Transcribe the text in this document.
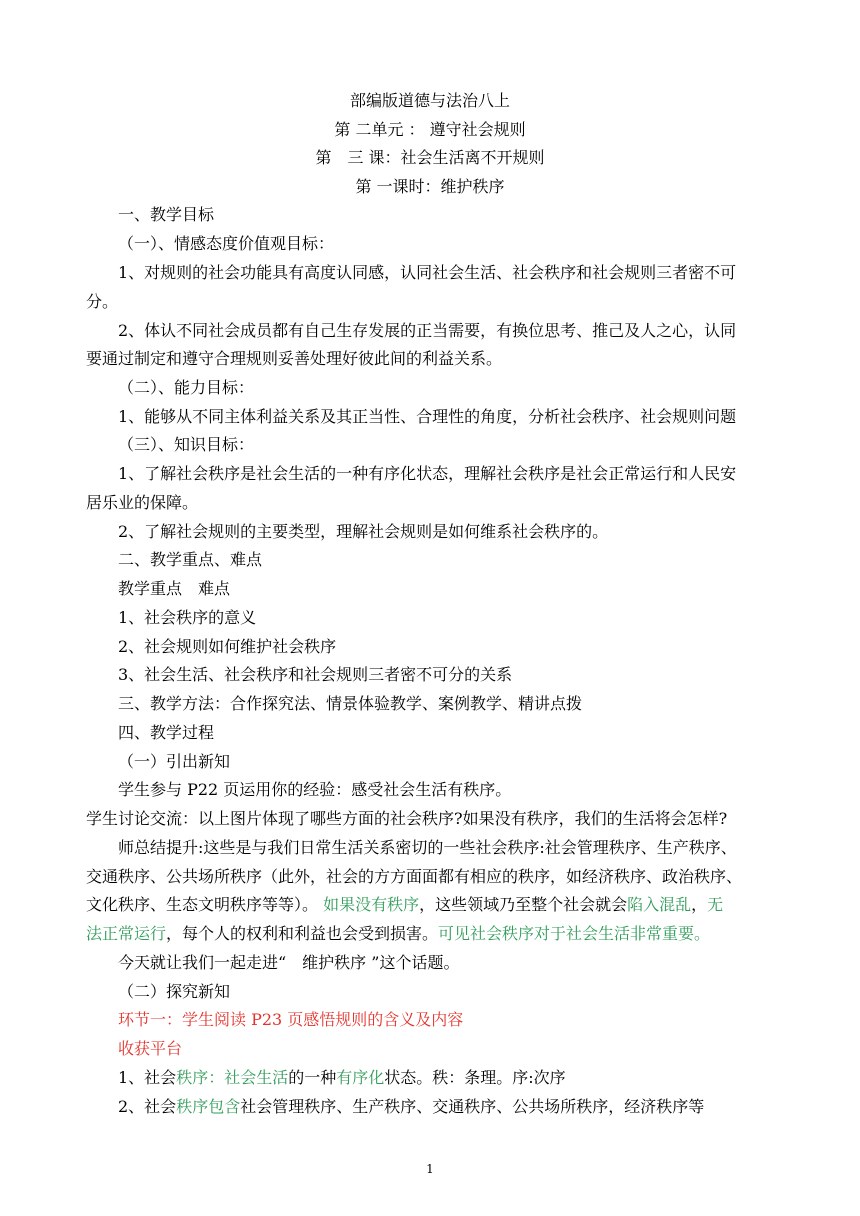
部编版道德与法治八上
第 二单元 ： 遵守社会规则
第　三 课：社会生活离不开规则
第 一课时：维护秩序
一、教学目标
（一）、情感态度价值观目标：
1、对规则的社会功能具有高度认同感，认同社会生活、社会秩序和社会规则三者密不可
分。
2、体认不同社会成员都有自己生存发展的正当需要，有换位思考、推己及人之心，认同
要通过制定和遵守合理规则妥善处理好彼此间的利益关系。
（二）、能力目标：
1、能够从不同主体利益关系及其正当性、合理性的角度，分析社会秩序、社会规则问题
（三）、知识目标：
1、了解社会秩序是社会生活的一种有序化状态，理解社会秩序是社会正常运行和人民安
居乐业的保障。
2、了解社会规则的主要类型，理解社会规则是如何维系社会秩序的。
二、教学重点、难点
教学重点　难点
1、社会秩序的意义
2、社会规则如何维护社会秩序
3、社会生活、社会秩序和社会规则三者密不可分的关系
三、教学方法：合作探究法、情景体验教学、案例教学、精讲点拨
四、教学过程
（一）引出新知
学生参与 P22 页运用你的经验：感受社会生活有秩序。
学生讨论交流：以上图片体现了哪些方面的社会秩序?如果没有秩序，我们的生活将会怎样?
师总结提升:这些是与我们日常生活关系密切的一些社会秩序:社会管理秩序、生产秩序、
交通秩序、公共场所秩序（此外，社会的方方面面都有相应的秩序，如经济秩序、政治秩序、
文化秩序、生态文明秩序等等）。 如果没有秩序，这些领域乃至整个社会就会陷入混乱，无
法正常运行，每个人的权利和利益也会受到损害。可见社会秩序对于社会生活非常重要。
今天就让我们一起走进“　维护秩序 ”这个话题。
（二）探究新知
环节一：学生阅读 P23 页感悟规则的含义及内容
收获平台
1、社会秩序：社会生活的一种有序化状态。秩：条理。序:次序
2、社会秩序包含社会管理秩序、生产秩序、交通秩序、公共场所秩序，经济秩序等
1
